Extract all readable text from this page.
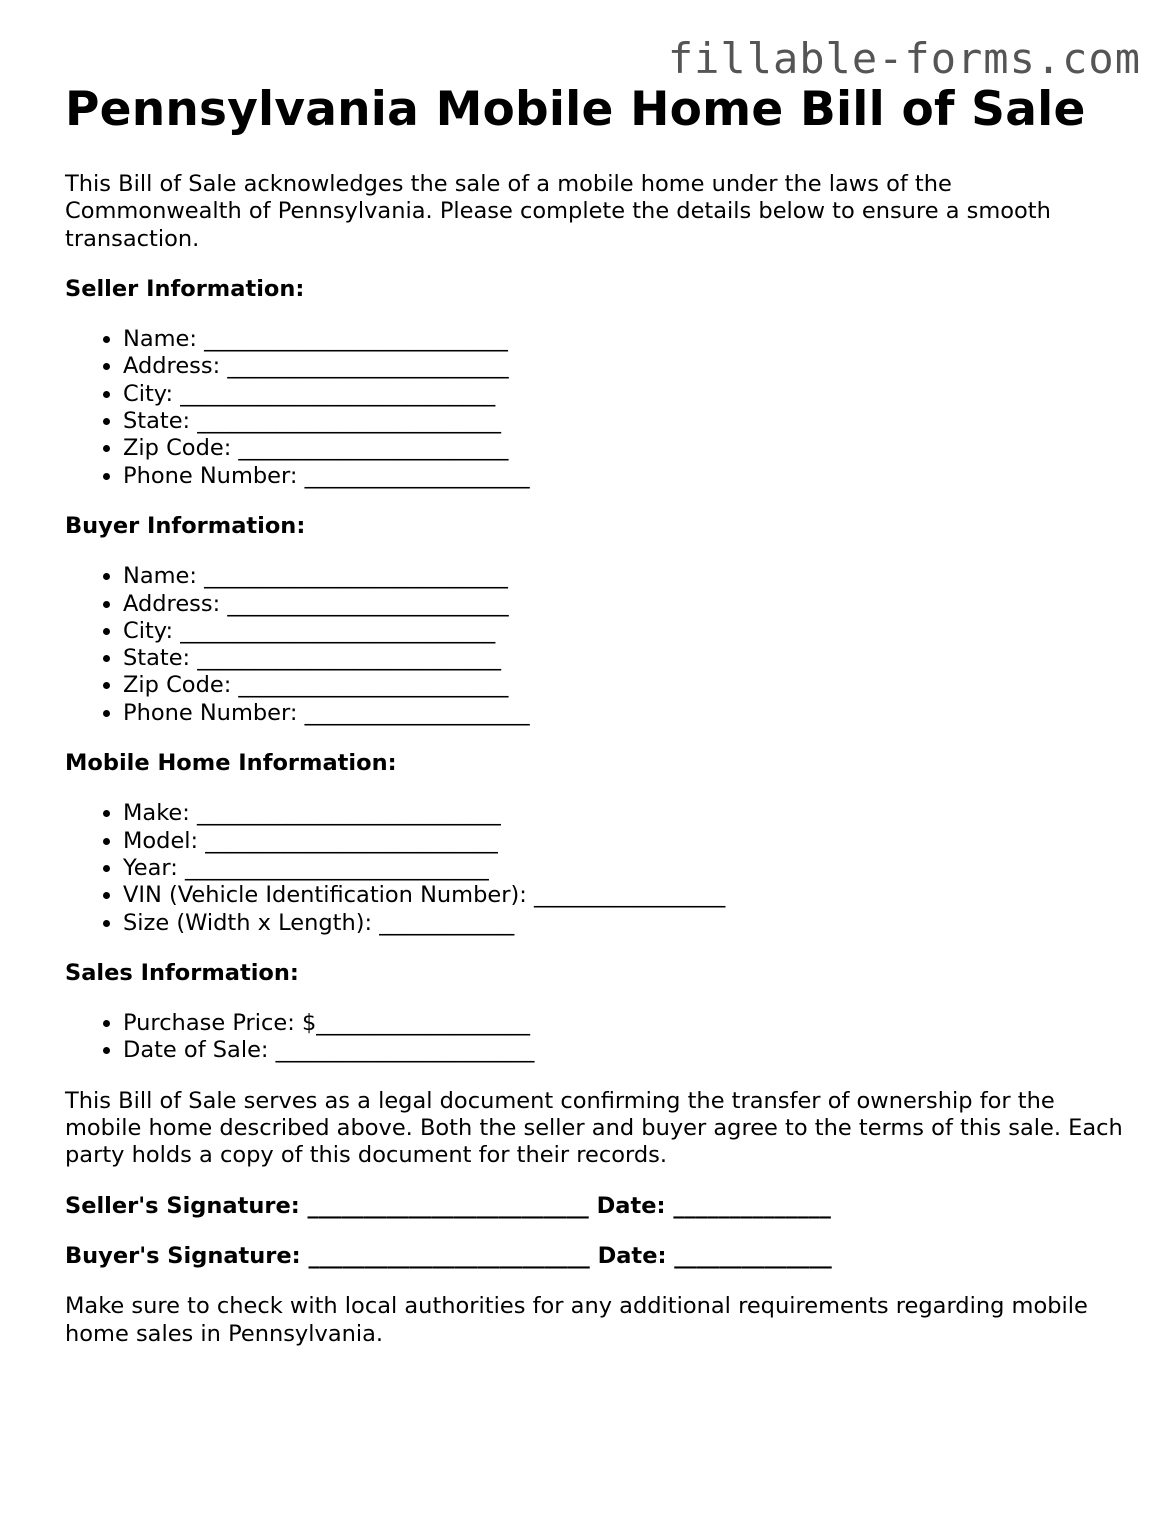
fillable-forms.com
Pennsylvania Mobile Home Bill of Sale

This Bill of Sale acknowledges the sale of a mobile home under the laws of the Commonwealth of Pennsylvania. Please complete the details below to ensure a smooth transaction.

Seller Information:
• Name: ___________________________
• Address: _________________________
• City: ____________________________
• State: ___________________________
• Zip Code: ________________________
• Phone Number: ____________________
Buyer Information:
• Name: ___________________________
• Address: _________________________
• City: ____________________________
• State: ___________________________
• Zip Code: ________________________
• Phone Number: ____________________
Mobile Home Information:
• Make: ___________________________
• Model: __________________________
• Year: ___________________________
• VIN (Vehicle Identification Number): _________________
• Size (Width x Length): ____________
Sales Information:
• Purchase Price: $___________________
• Date of Sale: _______________________

This Bill of Sale serves as a legal document confirming the transfer of ownership for the mobile home described above. Both the seller and buyer agree to the terms of this sale. Each party holds a copy of this document for their records.

Seller's Signature: _________________________ Date: ______________
Buyer's Signature: _________________________ Date: ______________

Make sure to check with local authorities for any additional requirements regarding mobile home sales in Pennsylvania.
